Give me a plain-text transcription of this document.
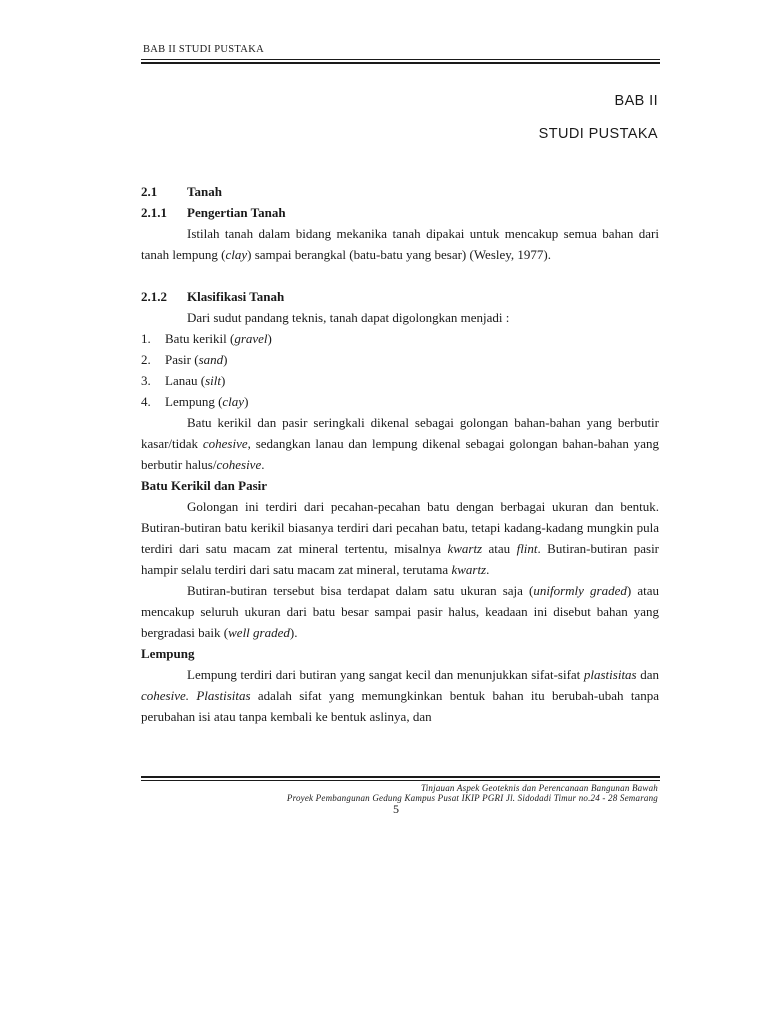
BAB II STUDI PUSTAKA
BAB II
STUDI PUSTAKA
2.1	Tanah
2.1.1	Pengertian Tanah

Istilah tanah dalam bidang mekanika tanah dipakai untuk mencakup semua bahan dari tanah lempung (clay) sampai berangkal (batu-batu yang besar) (Wesley, 1977).

2.1.2	Klasifikasi Tanah

Dari sudut pandang teknis, tanah dapat digolongkan menjadi :

1.	Batu kerikil ( gravel )
2.	Pasir ( sand )
3.	Lanau ( silt )
4.	Lempung ( clay )

Batu kerikil dan pasir seringkali dikenal sebagai golongan bahan-bahan yang berbutir kasar/tidak cohesive, sedangkan lanau dan lempung dikenal sebagai golongan bahan-bahan yang berbutir halus/cohesive.

Batu Kerikil dan Pasir

Golongan ini terdiri dari pecahan-pecahan batu dengan berbagai ukuran dan bentuk. Butiran-butiran batu kerikil biasanya terdiri dari pecahan batu, tetapi kadang-kadang mungkin pula terdiri dari satu macam zat mineral tertentu, misalnya kwartz atau flint. Butiran-butiran pasir hampir selalu terdiri dari satu macam zat mineral, terutama kwartz.

Butiran-butiran tersebut bisa terdapat dalam satu ukuran saja (uniformly graded) atau mencakup seluruh ukuran dari batu besar sampai pasir halus, keadaan ini disebut bahan yang bergradasi baik (well graded).

Lempung

Lempung terdiri dari butiran yang sangat kecil dan menunjukkan sifat-sifat plastisitas dan cohesive. Plastisitas adalah sifat yang memungkinkan bentuk bahan itu berubah-ubah tanpa perubahan isi atau tanpa kembali ke bentuk aslinya, dan

Tinjauan Aspek Geoteknis dan Perencanaan Bangunan Bawah
Proyek Pembangunan Gedung Kampus Pusat IKIP PGRI Jl. Sidodadi Timur no.24 - 28 Semarang
5
